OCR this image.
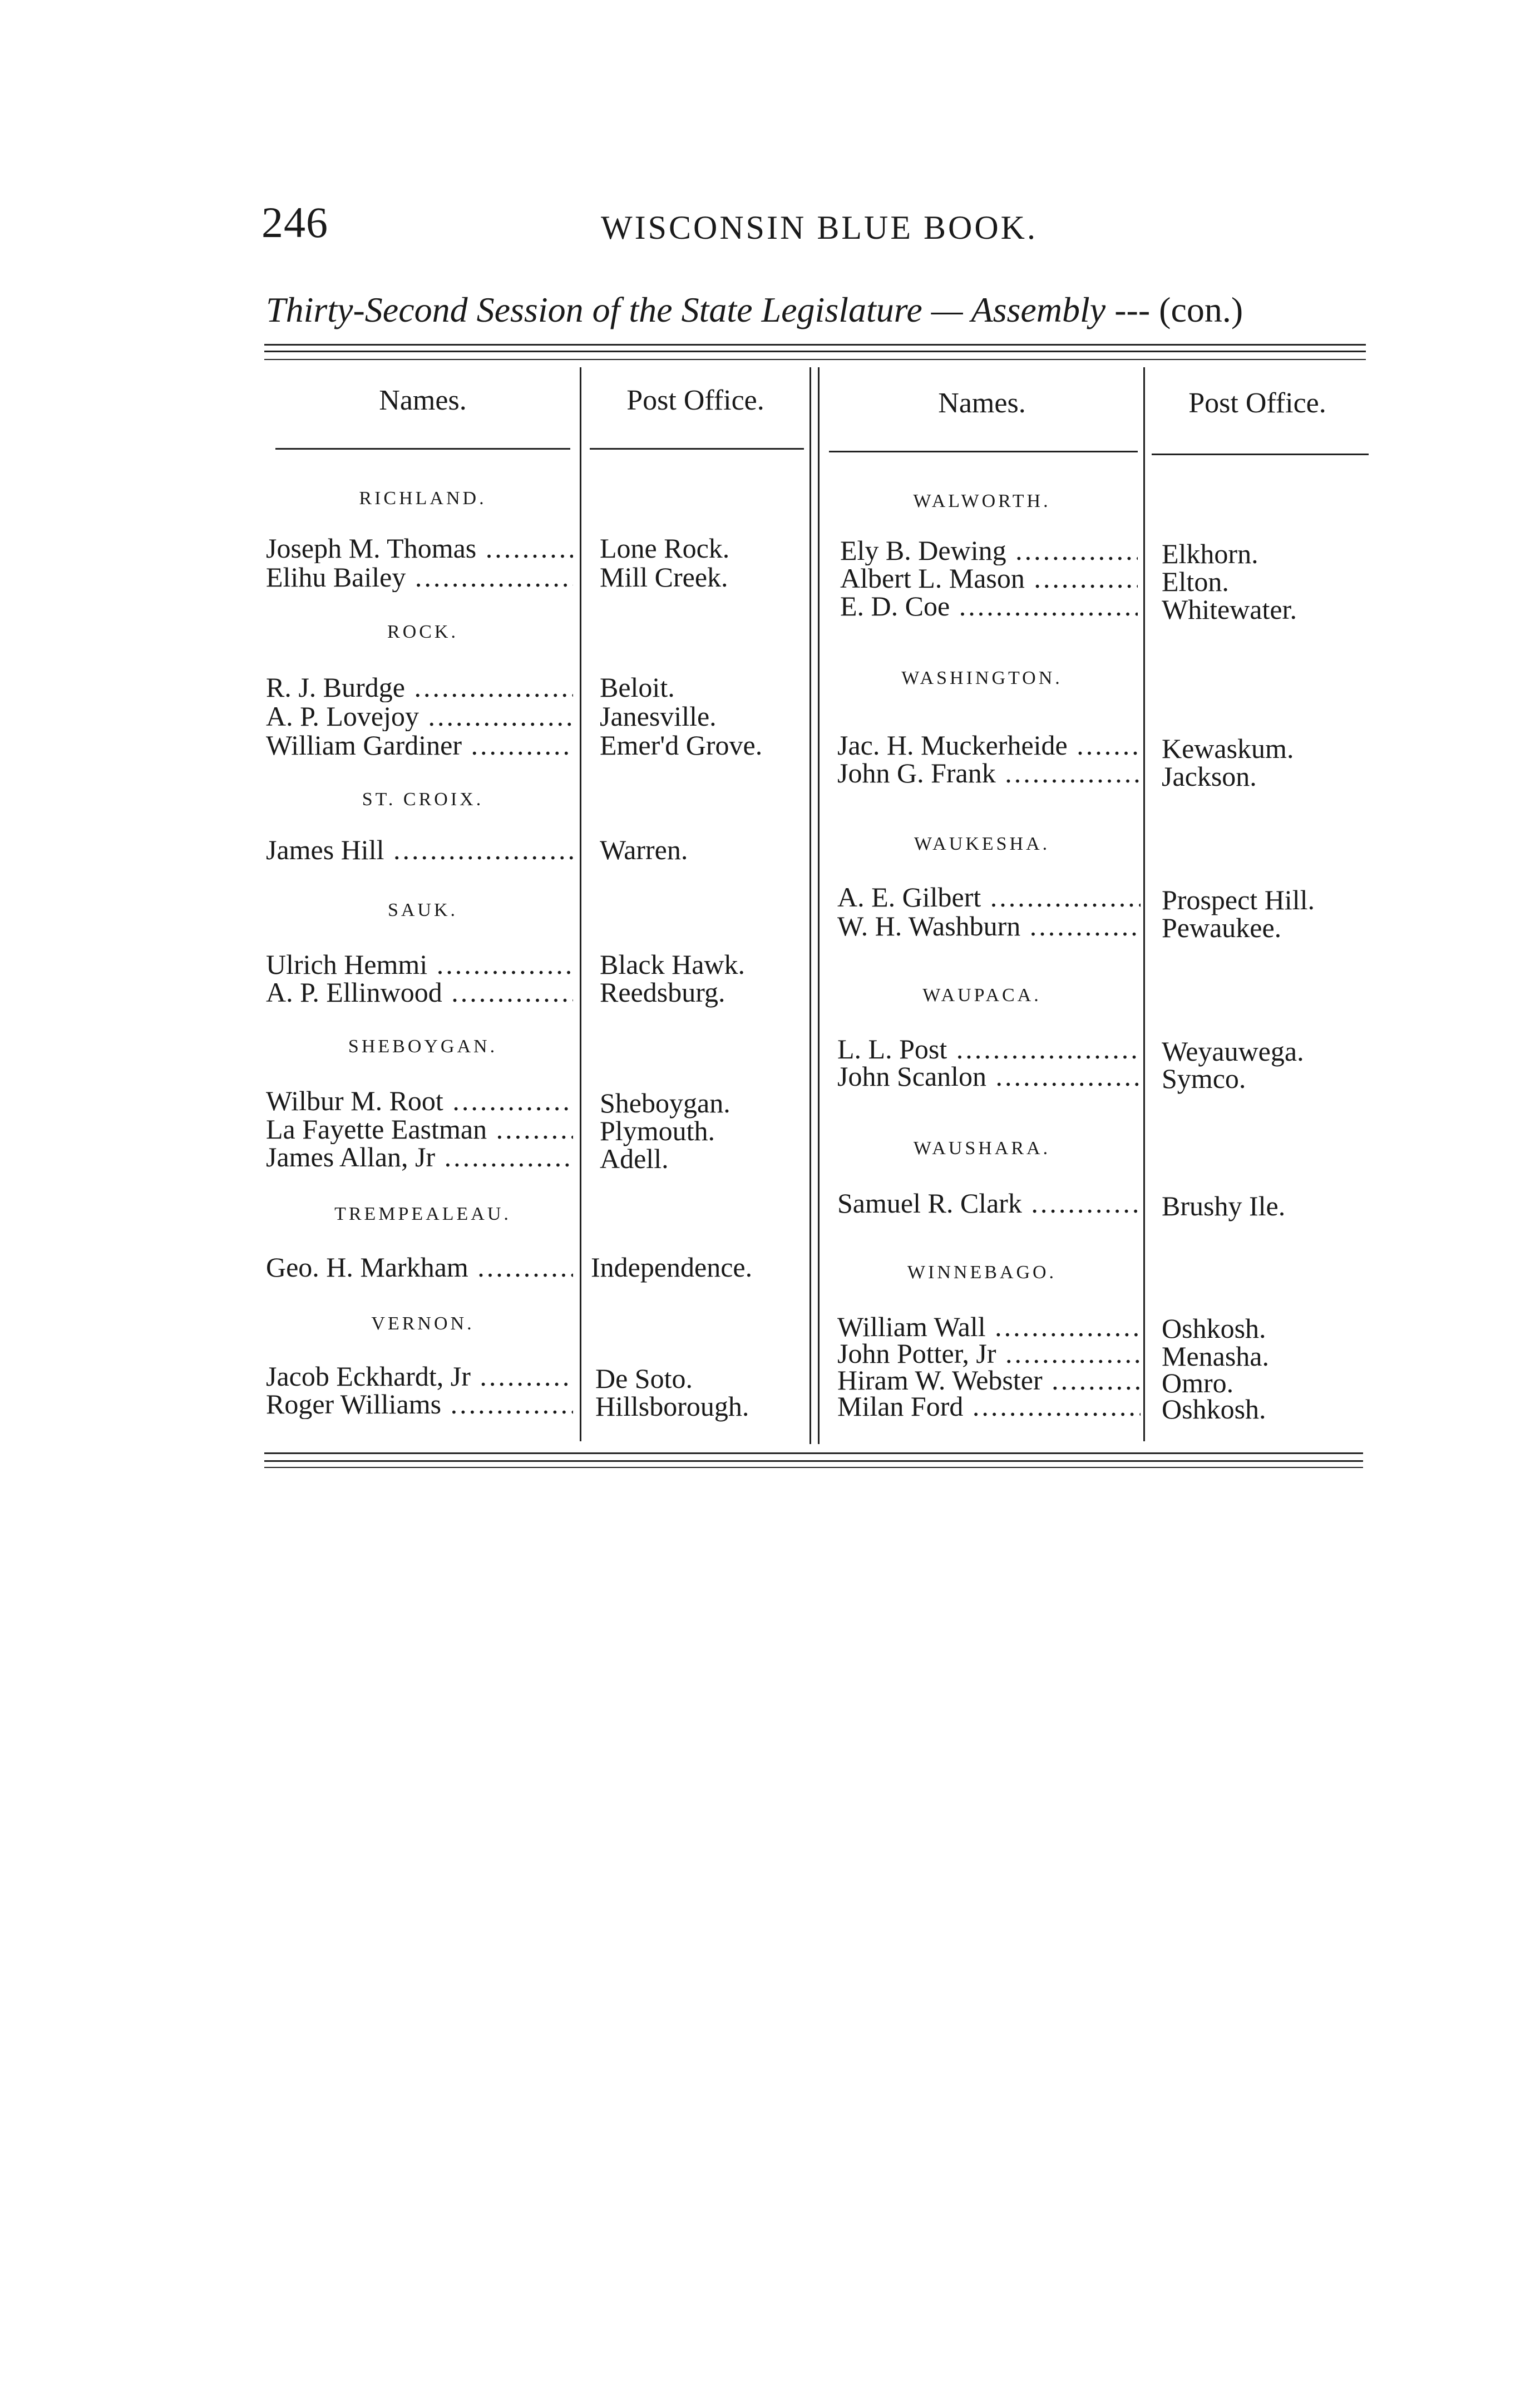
246	WISCONSIN BLUE BOOK.
Thirty-Second Session of the State Legislature — Assembly --- (con.)
Names.	Post Office.	Names.	Post Office.
RICHLAND.
Joseph M. Thomas .....	Lone Rock.
Elihu Bailey .....	Mill Creek.
ROCK.
R. J. Burdge .....	Beloit.
A. P. Lovejoy .....	Janesville.
William Gardiner .....	Emer'd Grove.
ST. CROIX.
James Hill .....	Warren.
SAUK.
Ulrich Hemmi .....	Black Hawk.
A. P. Ellinwood .....	Reedsburg.
SHEBOYGAN.
Wilbur M. Root .....	Sheboygan.
La Fayette Eastman .....	Plymouth.
James Allan, Jr .....	Adell.
TREMPEALEAU.
Geo. H. Markham .....	Independence.
VERNON.
Jacob Eckhardt, Jr .....	De Soto.
Roger Williams .....	Hillsborough.
WALWORTH.
Ely B. Dewing .....	Elkhorn.
Albert L. Mason .....	Elton.
E. D. Coe .....	Whitewater.
WASHINGTON.
Jac. H. Muckerheide .....	Kewaskum.
John G. Frank .....	Jackson.
WAUKESHA.
A. E. Gilbert .....	Prospect Hill.
W. H. Washburn .....	Pewaukee.
WAUPACA.
L. L. Post .....	Weyauwega.
John Scanlon .....	Symco.
WAUSHARA.
Samuel R. Clark .....	Brushy Ile.
WINNEBAGO.
William Wall .....	Oshkosh.
John Potter, Jr .....	Menasha.
Hiram W. Webster .....	Omro.
Milan Ford .....	Oshkosh.
